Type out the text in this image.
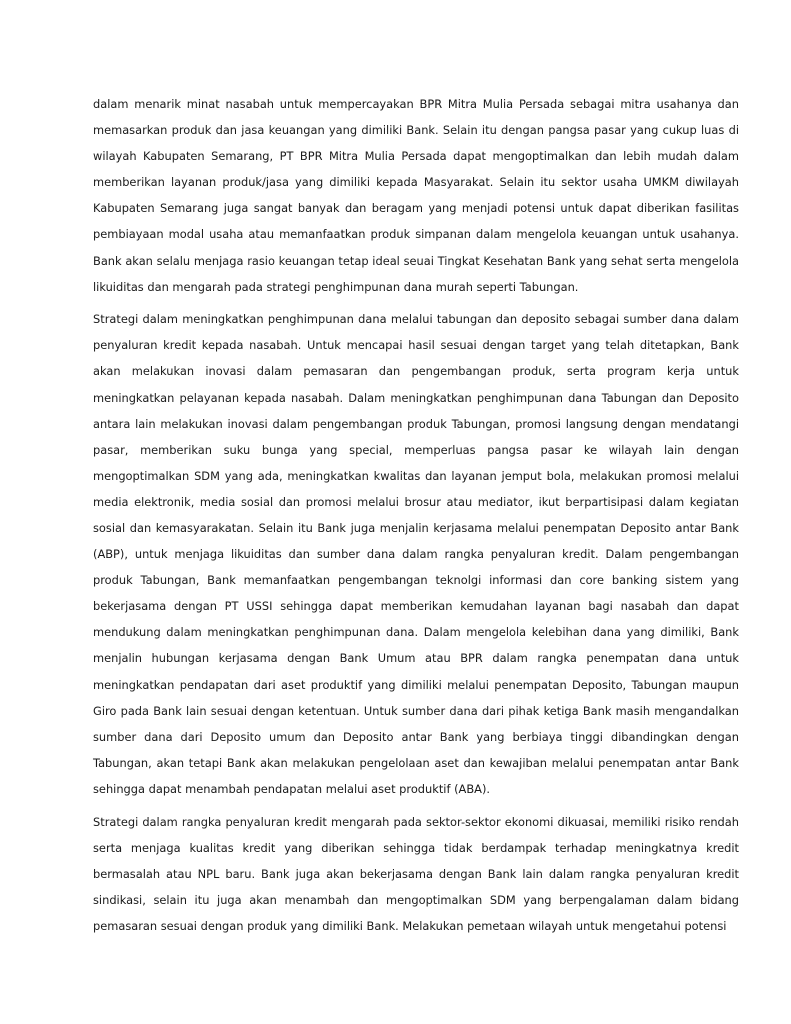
dalam menarik minat nasabah untuk mempercayakan BPR Mitra Mulia Persada sebagai mitra usahanya dan memasarkan produk dan jasa keuangan yang dimiliki Bank. Selain itu dengan pangsa pasar yang cukup luas di wilayah Kabupaten Semarang, PT BPR Mitra Mulia Persada dapat mengoptimalkan dan lebih mudah dalam memberikan layanan produk/jasa yang dimiliki kepada Masyarakat. Selain itu sektor usaha UMKM diwilayah Kabupaten Semarang juga sangat banyak dan beragam yang menjadi potensi untuk dapat diberikan fasilitas pembiayaan modal usaha atau memanfaatkan produk simpanan dalam mengelola keuangan untuk usahanya. Bank akan selalu menjaga rasio keuangan tetap ideal seuai Tingkat Kesehatan Bank yang sehat serta mengelola likuiditas dan mengarah pada strategi penghimpunan dana murah seperti Tabungan.

Strategi dalam meningkatkan penghimpunan dana melalui tabungan dan deposito sebagai sumber dana dalam penyaluran kredit kepada nasabah. Untuk mencapai hasil sesuai dengan target yang telah ditetapkan, Bank akan melakukan inovasi dalam pemasaran dan pengembangan produk, serta program kerja untuk meningkatkan pelayanan kepada nasabah. Dalam meningkatkan penghimpunan dana Tabungan dan Deposito antara lain melakukan inovasi dalam pengembangan produk Tabungan, promosi langsung dengan mendatangi pasar, memberikan suku bunga yang special, memperluas pangsa pasar ke wilayah lain dengan mengoptimalkan SDM yang ada, meningkatkan kwalitas dan layanan jemput bola, melakukan promosi melalui media elektronik, media sosial dan promosi melalui brosur atau mediator, ikut berpartisipasi dalam kegiatan sosial dan kemasyarakatan. Selain itu Bank juga menjalin kerjasama melalui penempatan Deposito antar Bank (ABP), untuk menjaga likuiditas dan sumber dana dalam rangka penyaluran kredit. Dalam pengembangan produk Tabungan, Bank memanfaatkan pengembangan teknolgi informasi dan core banking sistem yang bekerjasama dengan PT USSI sehingga dapat memberikan kemudahan layanan bagi nasabah dan dapat mendukung dalam meningkatkan penghimpunan dana. Dalam mengelola kelebihan dana yang dimiliki, Bank menjalin hubungan kerjasama dengan Bank Umum atau BPR dalam rangka penempatan dana untuk meningkatkan pendapatan dari aset produktif yang dimiliki melalui penempatan Deposito, Tabungan maupun Giro pada Bank lain sesuai dengan ketentuan. Untuk sumber dana dari pihak ketiga Bank masih mengandalkan sumber dana dari Deposito umum dan Deposito antar Bank yang berbiaya tinggi dibandingkan dengan Tabungan, akan tetapi Bank akan melakukan pengelolaan aset dan kewajiban melalui penempatan antar Bank sehingga dapat menambah pendapatan melalui aset produktif (ABA).

Strategi dalam rangka penyaluran kredit mengarah pada sektor-sektor ekonomi dikuasai, memiliki risiko rendah serta menjaga kualitas kredit yang diberikan sehingga tidak berdampak terhadap meningkatnya kredit bermasalah atau NPL baru. Bank juga akan bekerjasama dengan Bank lain dalam rangka penyaluran kredit sindikasi, selain itu juga akan menambah dan mengoptimalkan SDM yang berpengalaman dalam bidang pemasaran sesuai dengan produk yang dimiliki Bank. Melakukan pemetaan wilayah untuk mengetahui potensi
